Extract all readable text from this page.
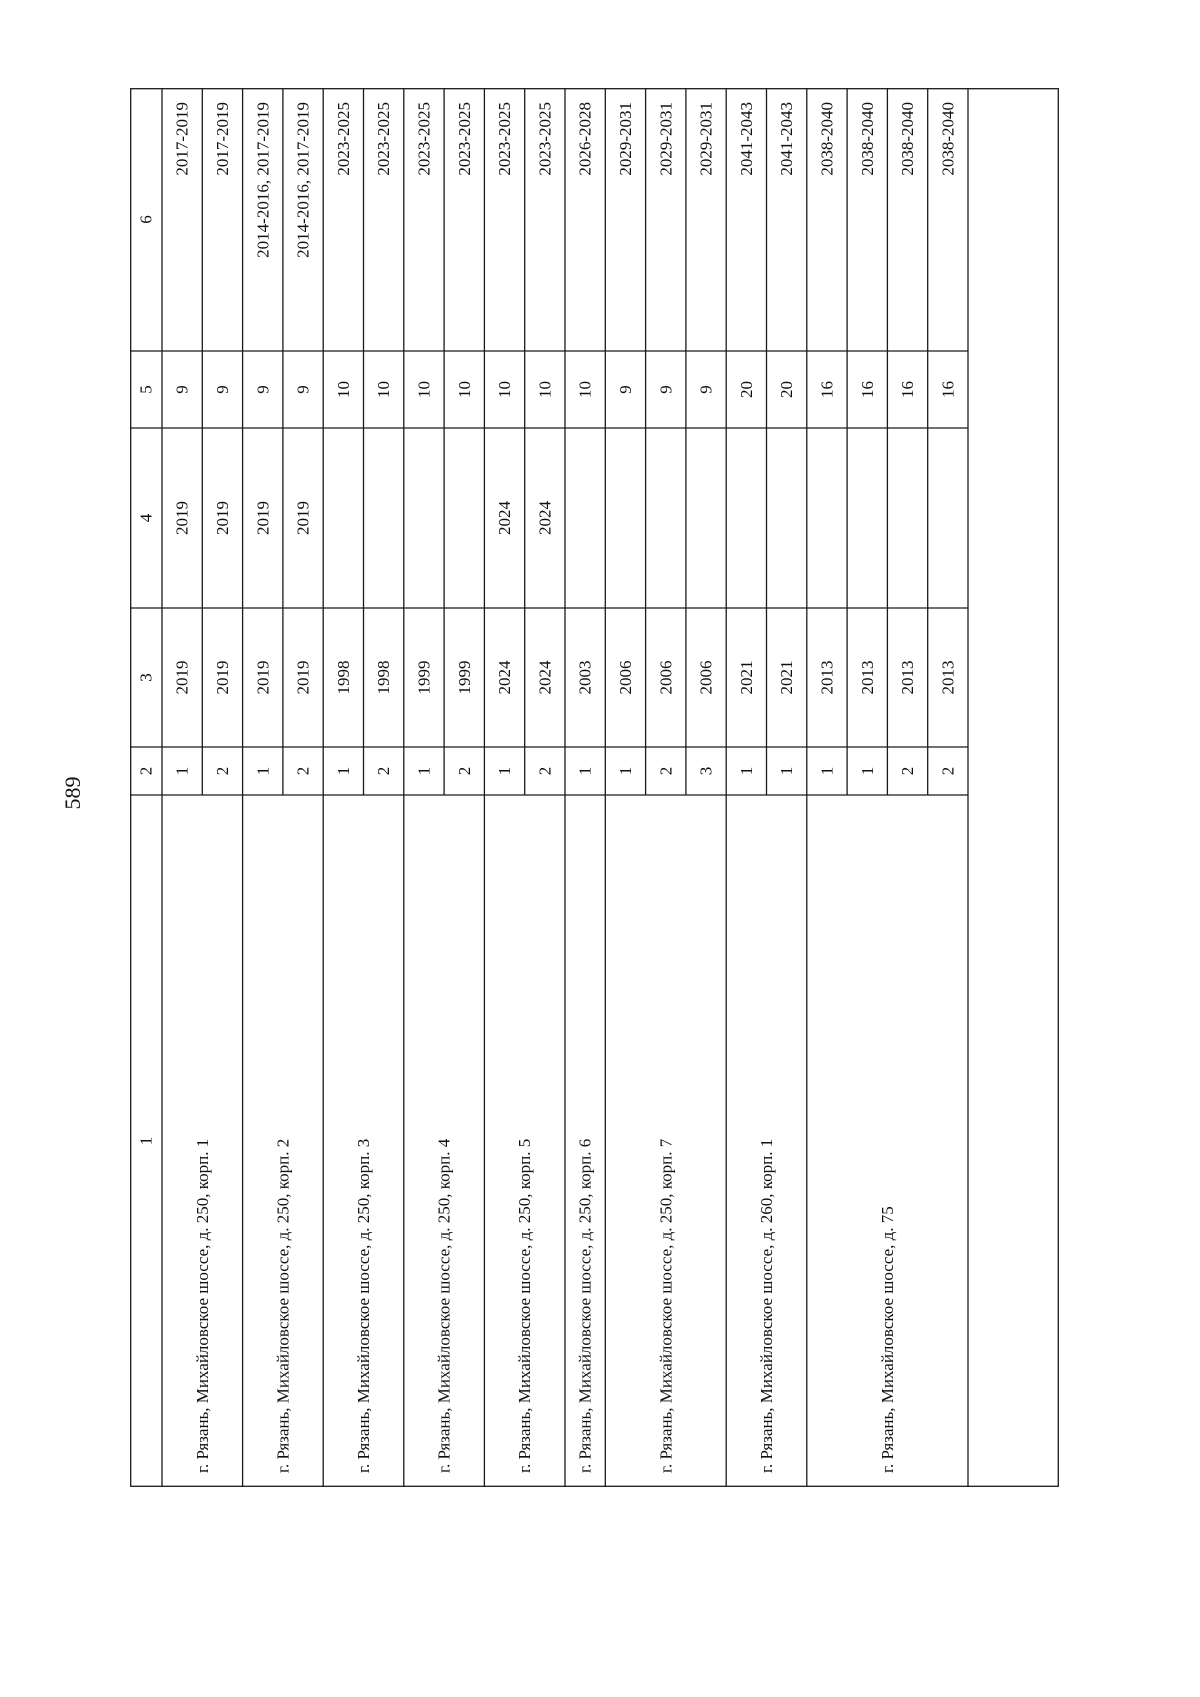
589
1
2
3
4
5
6
1
2019
2019
9
2017-2019
2
2019
2019
9
2017-2019
г. Рязань, Михайловское шоссе, д. 250, корп. 1
1
2019
2019
9
2014-2016, 2017-2019
2
2019
2019
9
2014-2016, 2017-2019
г. Рязань, Михайловское шоссе, д. 250, корп. 2
1
1998
10
2023-2025
2
1998
10
2023-2025
г. Рязань, Михайловское шоссе, д. 250, корп. 3
1
1999
10
2023-2025
2
1999
10
2023-2025
г. Рязань, Михайловское шоссе, д. 250, корп. 4
1
2024
2024
10
2023-2025
2
2024
2024
10
2023-2025
г. Рязань, Михайловское шоссе, д. 250, корп. 5
1
2003
10
2026-2028
г. Рязань, Михайловское шоссе, д. 250, корп. 6
1
2006
9
2029-2031
2
2006
9
2029-2031
3
2006
9
2029-2031
г. Рязань, Михайловское шоссе, д. 250, корп. 7
1
2021
20
2041-2043
1
2021
20
2041-2043
г. Рязань, Михайловское шоссе, д. 260, корп. 1
1
2013
16
2038-2040
1
2013
16
2038-2040
2
2013
16
2038-2040
2
2013
16
2038-2040
г. Рязань, Михайловское шоссе, д. 75
